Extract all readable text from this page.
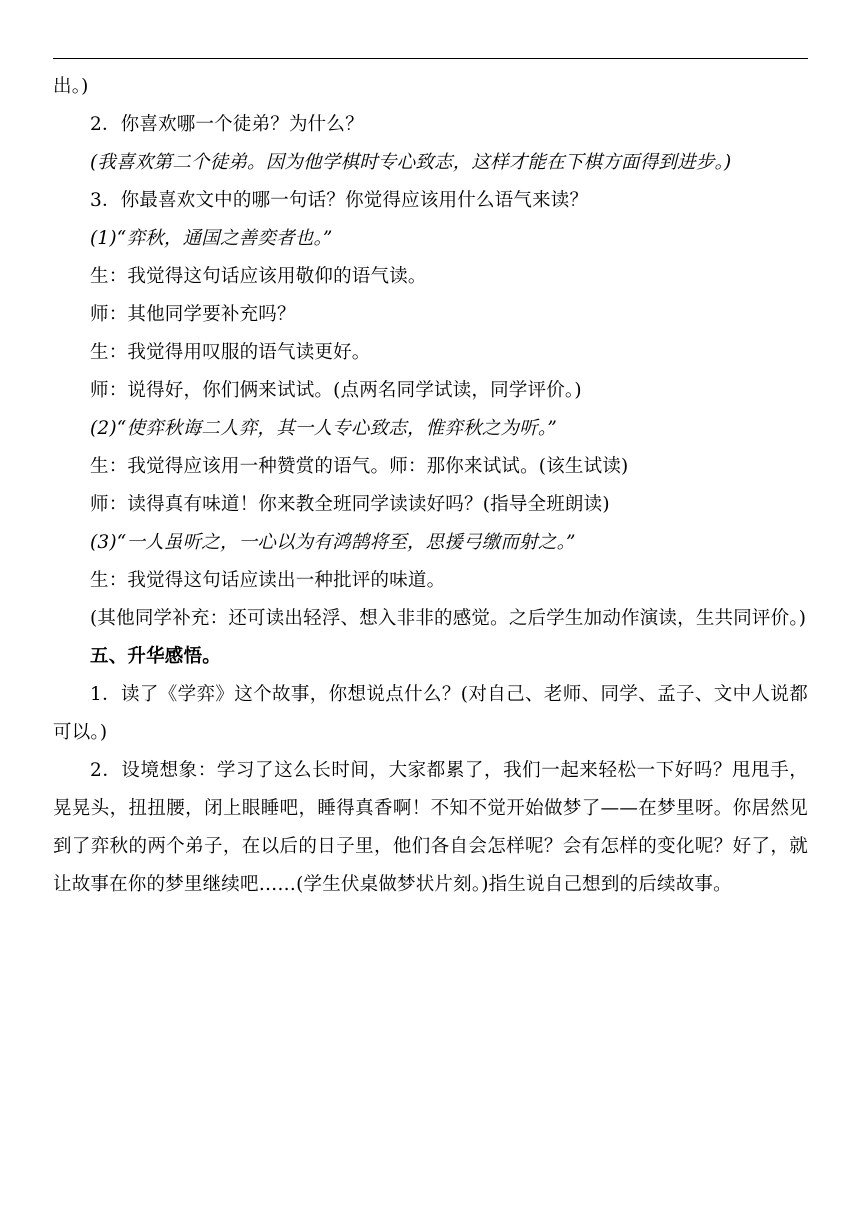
出。)

2．你喜欢哪一个徒弟？为什么？

(我喜欢第二个徒弟。因为他学棋时专心致志，这样才能在下棋方面得到进步。)

3．你最喜欢文中的哪一句话？你觉得应该用什么语气来读？

(1)“弈秋，通国之善奕者也。”

生：我觉得这句话应该用敬仰的语气读。

师：其他同学要补充吗？

生：我觉得用叹服的语气读更好。

师：说得好，你们俩来试试。(点两名同学试读，同学评价。)

(2)“使弈秋诲二人弈，其一人专心致志，惟弈秋之为听。”

生：我觉得应该用一种赞赏的语气。师：那你来试试。(该生试读)

师：读得真有味道！你来教全班同学读读好吗？(指导全班朗读)

(3)“一人虽听之，一心以为有鸿鹄将至，思援弓缴而射之。”

生：我觉得这句话应读出一种批评的味道。

(其他同学补充：还可读出轻浮、想入非非的感觉。之后学生加动作演读，生共同评价。)

五、升华感悟。

1．读了《学弈》这个故事，你想说点什么？(对自己、老师、同学、孟子、文中人说都可以。)

2．设境想象：学习了这么长时间，大家都累了，我们一起来轻松一下好吗？甩甩手，晃晃头，扭扭腰，闭上眼睡吧，睡得真香啊！不知不觉开始做梦了——在梦里呀。你居然见到了弈秋的两个弟子，在以后的日子里，他们各自会怎样呢？会有怎样的变化呢？好了，就让故事在你的梦里继续吧……(学生伏桌做梦状片刻。)指生说自己想到的后续故事。
